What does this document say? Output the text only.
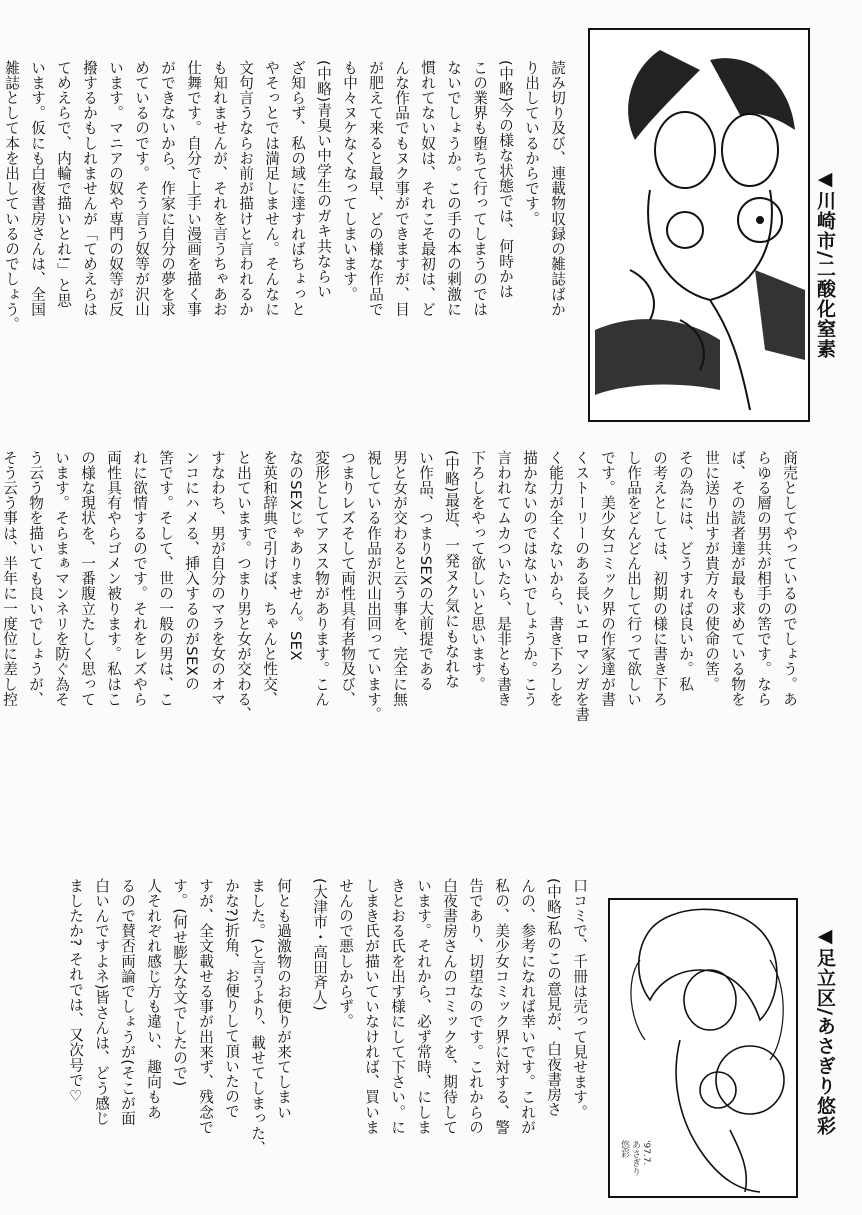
◀川崎市/二酸化窒素
◀足立区/あさぎり悠彩
'97.7.
あさぎり
悠彩

読み切り及び、連載物収録の雑誌ばか

り出しているからです。

(中略)今の様な状態では、何時かは

この業界も堕ちて行ってしまうのでは

ないでしょうか。この手の本の刺激に

慣れてない奴は、それこそ最初は、ど

んな作品でもヌク事ができますが、目

が肥えて来ると最早、どの様な作品で

も中々ヌケなくなってしまいます。

(中略)青臭い中学生のガキ共ならい

ざ知らず、私の域に達すればちょっと

やそっとでは満足しません。そんなに

文句言うならお前が描けと言われるか

も知れませんが、それを言うちゃあお

仕舞です。自分で上手い漫画を描く事

ができないから、作家に自分の夢を求

めているのです。そう言う奴等が沢山

います。マニアの奴や専門の奴等が反

撥するかもしれませんが「てめえらは

てめえらで、内輪で描いとれ!」と思

います。仮にも白夜書房さんは、全国

雑誌として本を出しているのでしょう。

商売としてやっているのでしょう。あ

らゆる層の男共が相手の筈です。なら

ば、その読者達が最も求めている物を

世に送り出すが貴方々の使命の筈。

その為には、どうすれば良いか。私

の考えとしては、初期の様に書き下ろ

し作品をどんどん出して行って欲しい

です。美少女コミック界の作家達が書

くストーリーのある長いエロマンガを書

く能力が全くないから、書き下ろしを

描かないのではないでしょうか。こう

言われてムカついたら、是非とも書き

下ろしをやって欲しいと思います。

(中略)最近、一発ヌク気にもなれな

い作品、つまりSEXの大前提である

男と女が交わると云う事を、完全に無

視している作品が沢山出回っています。

つまりレズそして両性具有者物及び、

変形としてアヌス物があります。こん

なのSEXじゃありません。SEX

を英和辞典で引けば、ちゃんと性交、

と出ています。つまり男と女が交わる、

すなわち、男が自分のマラを女のオマ

ンコにハメる、挿入するのがSEXの

筈です。そして、世の一般の男は、こ

れに欲情するのです。それをレズやら

両性具有やらゴメン被ります。私はこ

の様な現状を、一番腹立たしく思って

います。そらまぁマンネリを防ぐ為そ

う云う物を描いても良いでしょうが、

そう云う事は、半年に一度位に差し控

口コミで、千冊は売って見せます。

(中略)私のこの意見が、白夜書房さ

んの、参考になれば幸いです。これが

私の、美少女コミック界に対する、警

告であり、切望なのです。これからの

白夜書房さんのコミックを、期待して

います。それから、必ず常時、にしま

きとおる氏を出す様にして下さい。に

しまき氏が描いていなければ、買いま

せんので悪しからず。

(大津市・高田斉人)

何とも過激物のお便りが来てしまい

ました。(と言うより、載せてしまった、

かな?)折角、お便りして頂いたので

すが、全文載せる事が出来ず、残念で

す。(何せ膨大な文でしたので)

人それぞれ感じ方も違い、趣向もあ

るので賛否両論でしょうが(そこが面

白いんですよネ)皆さんは、どう感じ

ましたか? それでは、又次号で♡
